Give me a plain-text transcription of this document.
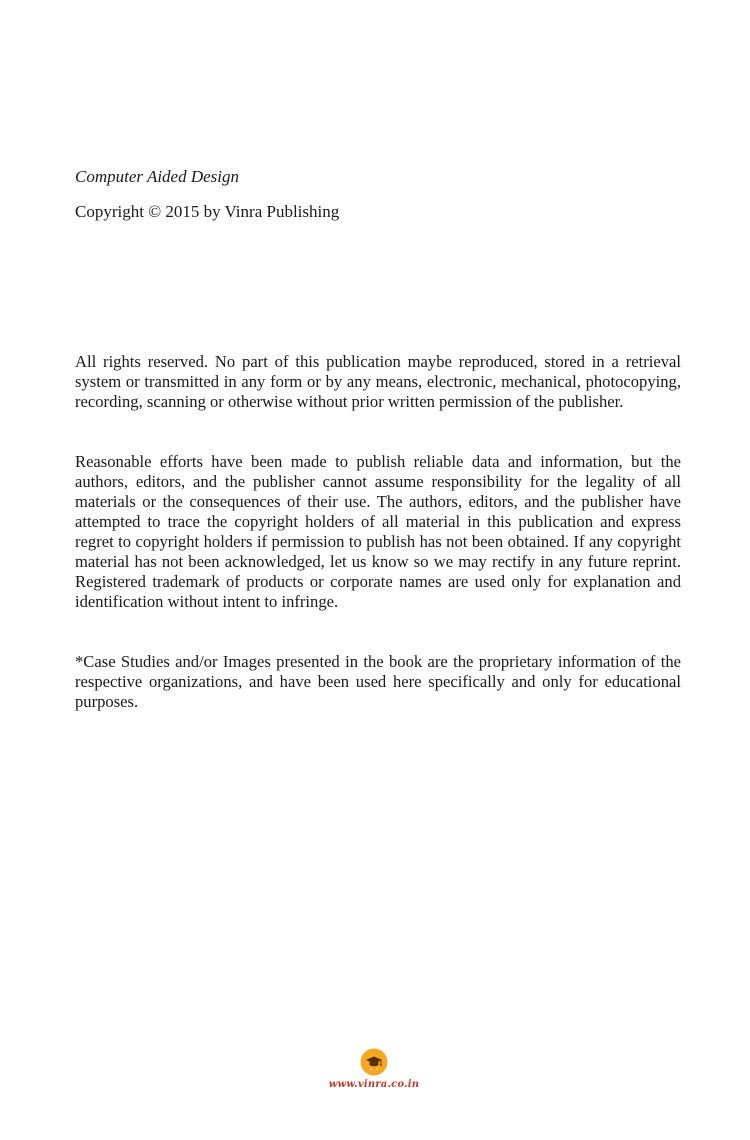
Computer Aided Design

Copyright © 2015 by Vinra Publishing

All rights reserved. No part of this publication maybe reproduced, stored in a retrieval system or transmitted in any form or by any means, electronic, mechanical, photocopying, recording, scanning or otherwise without prior written permission of the publisher.

Reasonable efforts have been made to publish reliable data and information, but the authors, editors, and the publisher cannot assume responsibility for the legality of all materials or the consequences of their use. The authors, editors, and the publisher have attempted to trace the copyright holders of all material in this publication and express regret to copyright holders if permission to publish has not been obtained. If any copyright material has not been acknowledged, let us know so we may rectify in any future reprint. Registered trademark of products or corporate names are used only for explanation and identification without intent to infringe.

*Case Studies and/or Images presented in the book are the proprietary information of the respective organizations, and have been used here specifically and only for educational purposes.

www.vinra.co.in
